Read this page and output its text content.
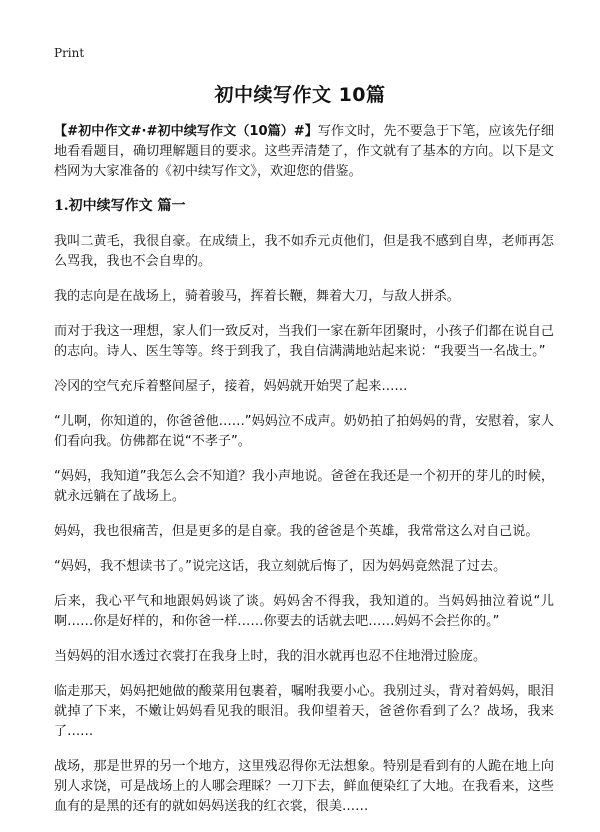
Print
初中续写作文 10篇

【#初中作文#·#初中续写作文（10篇）#】写作文时，先不要急于下笔，应该先仔细地看看题目，确切理解题目的要求。这些弄清楚了，作文就有了基本的方向。以下是文档网为大家准备的《初中续写作文》，欢迎您的借鉴。

1.初中续写作文 篇一

我叫二黄毛，我很自豪。在成绩上，我不如乔元贞他们，但是我不感到自卑，老师再怎么骂我，我也不会自卑的。

我的志向是在战场上，骑着骏马，挥着长鞭，舞着大刀，与敌人拼杀。

而对于我这一理想，家人们一致反对，当我们一家在新年团聚时，小孩子们都在说自己的志向。诗人、医生等等。终于到我了，我自信满满地站起来说：“我要当一名战士。”

冷冈的空气充斥着整间屋子，接着，妈妈就开始哭了起来……

“儿啊，你知道的，你爸爸他……”妈妈泣不成声。奶奶拍了拍妈妈的背，安慰着，家人们看向我。仿佛都在说“不孝子”。

“妈妈，我知道”我怎么会不知道？我小声地说。爸爸在我还是一个初开的芽儿的时候，就永远躺在了战场上。

妈妈，我也很痛苦，但是更多的是自豪。我的爸爸是个英雄，我常常这么对自己说。

“妈妈，我不想读书了。”说完这话，我立刻就后悔了，因为妈妈竟然混了过去。

后来，我心平气和地跟妈妈谈了谈。妈妈舍不得我，我知道的。当妈妈抽泣着说“儿啊……你是好样的，和你爸一样……你要去的话就去吧……妈妈不会拦你的。”

当妈妈的泪水透过衣裳打在我身上时，我的泪水就再也忍不住地滑过脸庞。

临走那天，妈妈把她做的酸菜用包裹着，嘱咐我要小心。我别过头，背对着妈妈，眼泪就掉了下来，不嫩让妈妈看见我的眼泪。我仰望着天，爸爸你看到了么？战场，我来了……

战场，那是世界的另一个地方，这里残忍得你无法想象。特别是看到有的人跪在地上向别人求饶，可是战场上的人哪会理睬？一刀下去，鲜血便染红了大地。在我看来，这些血有的是黑的还有的就如妈妈送我的红衣裳，很美……
